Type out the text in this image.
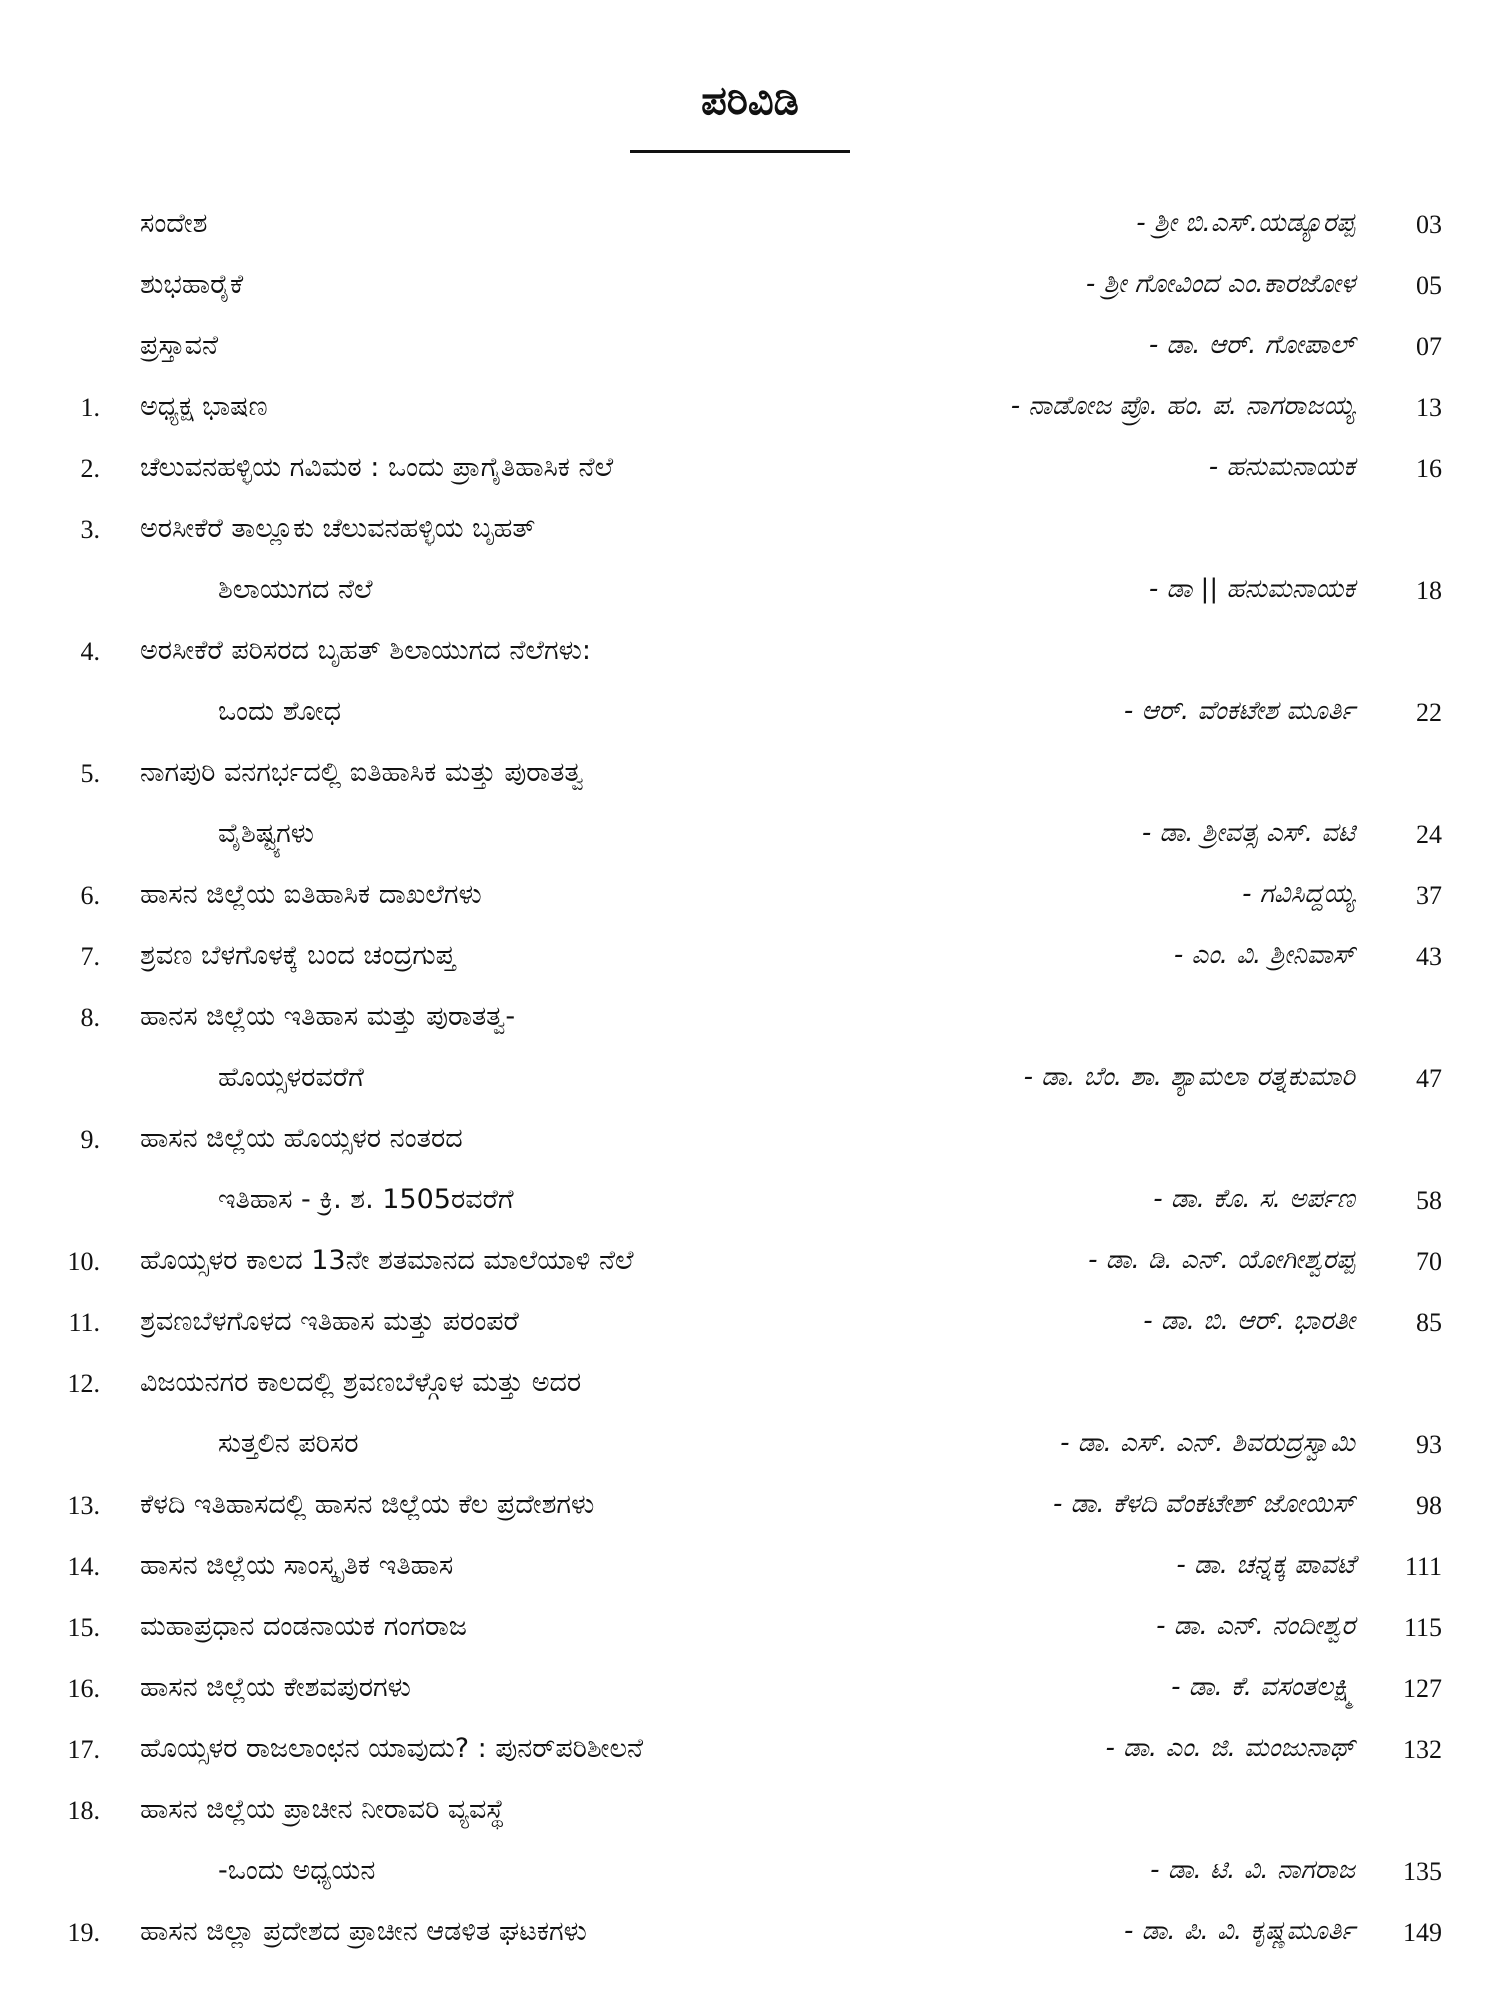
ಪರಿವಿಡಿ
ಸಂದೇಶ	- ಶ್ರೀ ಬಿ.ಎಸ್.ಯಡ್ಯೂರಪ್ಪ	03
ಶುಭಹಾರೈಕೆ	- ಶ್ರೀ ಗೋವಿಂದ ಎಂ.ಕಾರಜೋಳ	05
ಪ್ರಸ್ತಾವನೆ	- ಡಾ. ಆರ್. ಗೋಪಾಲ್	07
1. ಅಧ್ಯಕ್ಷ ಭಾಷಣ	- ನಾಡೋಜ ಪ್ರೊ. ಹಂ. ಪ. ನಾಗರಾಜಯ್ಯ	13
2. ಚೆಲುವನಹಳ್ಳಿಯ ಗವಿಮಠ : ಒಂದು ಪ್ರಾಗೈತಿಹಾಸಿಕ ನೆಲೆ	- ಹನುಮನಾಯಕ	16
3. ಅರಸೀಕೆರೆ ತಾಲ್ಲೂಕು ಚೆಲುವನಹಳ್ಳಿಯ ಬೃಹತ್
ಶಿಲಾಯುಗದ ನೆಲೆ	- ಡಾ || ಹನುಮನಾಯಕ	18
4. ಅರಸೀಕೆರೆ ಪರಿಸರದ ಬೃಹತ್ ಶಿಲಾಯುಗದ ನೆಲೆಗಳು:
ಒಂದು ಶೋಧ	- ಆರ್. ವೆಂಕಟೇಶ ಮೂರ್ತಿ	22
5. ನಾಗಪುರಿ ವನಗರ್ಭದಲ್ಲಿ ಐತಿಹಾಸಿಕ ಮತ್ತು ಪುರಾತತ್ವ
ವೈಶಿಷ್ಟ್ಯಗಳು	- ಡಾ. ಶ್ರೀವತ್ಸ ಎಸ್. ವಟಿ	24
6. ಹಾಸನ ಜಿಲ್ಲೆಯ ಐತಿಹಾಸಿಕ ದಾಖಲೆಗಳು	- ಗವಿಸಿದ್ದಯ್ಯ	37
7. ಶ್ರವಣ ಬೆಳಗೊಳಕ್ಕೆ ಬಂದ ಚಂದ್ರಗುಪ್ತ	- ಎಂ. ವಿ. ಶ್ರೀನಿವಾಸ್	43
8. ಹಾನಸ ಜಿಲ್ಲೆಯ ಇತಿಹಾಸ ಮತ್ತು ಪುರಾತತ್ವ-
ಹೊಯ್ಸಳರವರೆಗೆ	- ಡಾ. ಬೆಂ. ಶಾ. ಶ್ಯಾಮಲಾ ರತ್ನಕುಮಾರಿ	47
9. ಹಾಸನ ಜಿಲ್ಲೆಯ ಹೊಯ್ಸಳರ ನಂತರದ
ಇತಿಹಾಸ - ಕ್ರಿ. ಶ. 1505ರವರೆಗೆ	- ಡಾ. ಕೊ. ಸ. ಅರ್ಪಣ	58
10. ಹೊಯ್ಸಳರ ಕಾಲದ 13ನೇ ಶತಮಾನದ ಮಾಲೆಯಾಳಿ ನೆಲೆ	- ಡಾ. ಡಿ. ಎನ್. ಯೋಗೀಶ್ವರಪ್ಪ	70
11. ಶ್ರವಣಬೆಳಗೊಳದ ಇತಿಹಾಸ ಮತ್ತು ಪರಂಪರೆ	- ಡಾ. ಬಿ. ಆರ್. ಭಾರತೀ	85
12. ವಿಜಯನಗರ ಕಾಲದಲ್ಲಿ ಶ್ರವಣಬೆಳ್ಗೊಳ ಮತ್ತು ಅದರ
ಸುತ್ತಲಿನ ಪರಿಸರ	- ಡಾ. ಎಸ್. ಎನ್. ಶಿವರುದ್ರಸ್ವಾಮಿ	93
13. ಕೆಳದಿ ಇತಿಹಾಸದಲ್ಲಿ ಹಾಸನ ಜಿಲ್ಲೆಯ ಕೆಲ ಪ್ರದೇಶಗಳು	- ಡಾ. ಕೆಳದಿ ವೆಂಕಟೇಶ್ ಜೋಯಿಸ್	98
14. ಹಾಸನ ಜಿಲ್ಲೆಯ ಸಾಂಸ್ಕೃತಿಕ ಇತಿಹಾಸ	- ಡಾ. ಚನ್ನಕ್ಕ ಪಾವಟೆ	111
15. ಮಹಾಪ್ರಧಾನ ದಂಡನಾಯಕ ಗಂಗರಾಜ	- ಡಾ. ಎನ್. ನಂದೀಶ್ವರ	115
16. ಹಾಸನ ಜಿಲ್ಲೆಯ ಕೇಶವಪುರಗಳು	- ಡಾ. ಕೆ. ವಸಂತಲಕ್ಷ್ಮಿ	127
17. ಹೊಯ್ಸಳರ ರಾಜಲಾಂಛನ ಯಾವುದು? : ಪುನರ್‌ಪರಿಶೀಲನೆ	- ಡಾ. ಎಂ. ಜಿ. ಮಂಜುನಾಥ್	132
18. ಹಾಸನ ಜಿಲ್ಲೆಯ ಪ್ರಾಚೀನ ನೀರಾವರಿ ವ್ಯವಸ್ಥೆ
-ಒಂದು ಅಧ್ಯಯನ	- ಡಾ. ಟಿ. ವಿ. ನಾಗರಾಜ	135
19. ಹಾಸನ ಜಿಲ್ಲಾ ಪ್ರದೇಶದ ಪ್ರಾಚೀನ ಆಡಳಿತ ಘಟಕಗಳು	- ಡಾ. ಪಿ. ವಿ. ಕೃಷ್ಣಮೂರ್ತಿ	149
